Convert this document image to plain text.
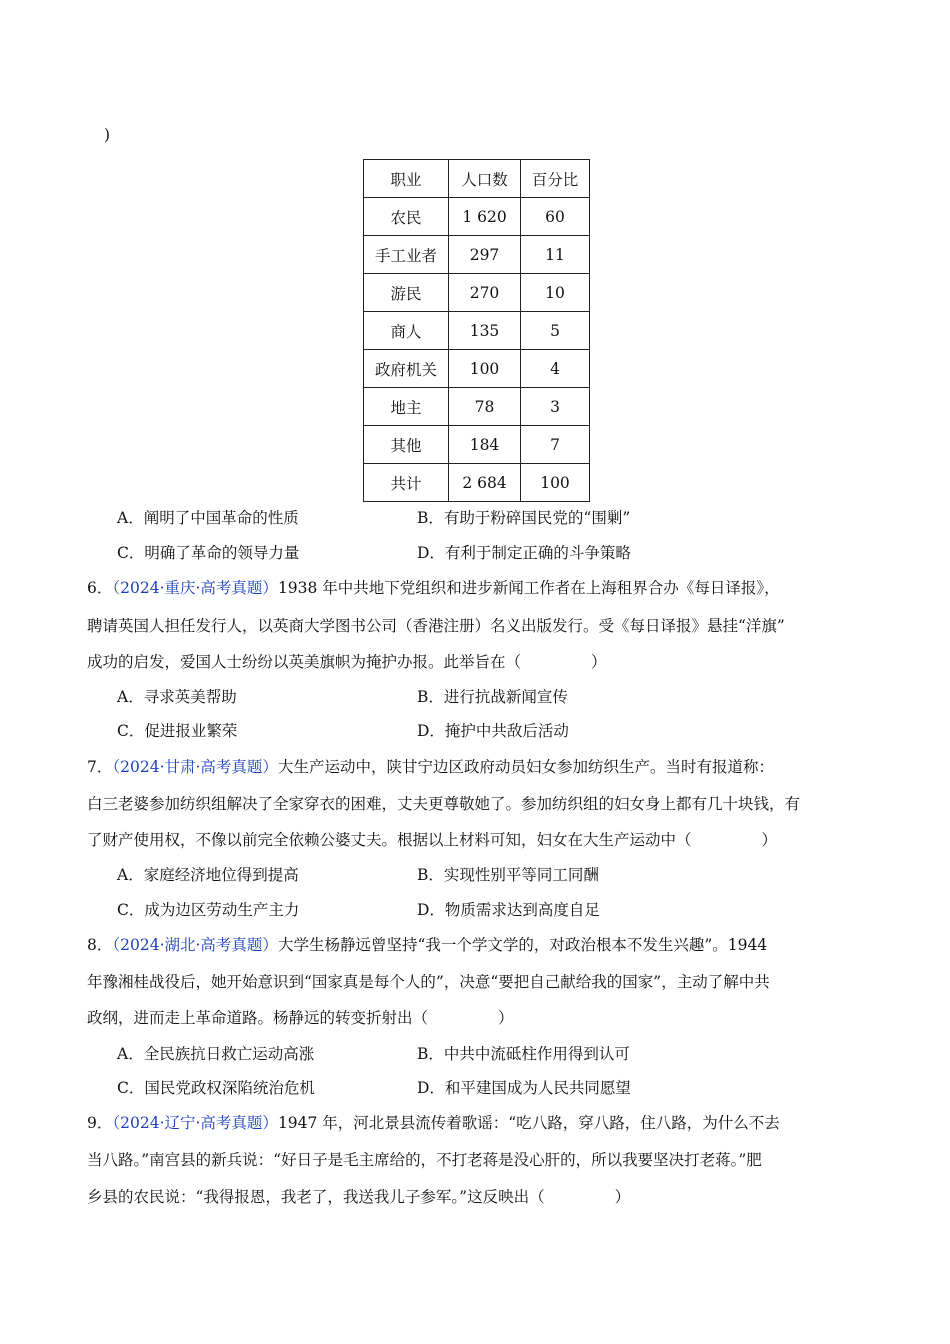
)
职业	人口数	百分比
农民	1 620	60
手工业者	297	11
游民	270	10
商人	135	5
政府机关	100	4
地主	78	3
其他	184	7
共计	2 684	100
A．阐明了中国革命的性质	B．有助于粉碎国民党的“围剿”
C．明确了革命的领导力量	D．有利于制定正确的斗争策略
6．（2024·重庆·高考真题）1938 年中共地下党组织和进步新闻工作者在上海租界合办《每日译报》，
聘请英国人担任发行人，以英商大学图书公司（香港注册）名义出版发行。受《每日译报》悬挂“洋旗”
成功的启发，爱国人士纷纷以英美旗帜为掩护办报。此举旨在（	）
A．寻求英美帮助	B．进行抗战新闻宣传
C．促进报业繁荣	D．掩护中共敌后活动
7．（2024·甘肃·高考真题）大生产运动中，陕甘宁边区政府动员妇女参加纺织生产。当时有报道称：
白三老婆参加纺织组解决了全家穿衣的困难，丈夫更尊敬她了。参加纺织组的妇女身上都有几十块钱，有
了财产使用权，不像以前完全依赖公婆丈夫。根据以上材料可知，妇女在大生产运动中（	）
A．家庭经济地位得到提高	B．实现性别平等同工同酬
C．成为边区劳动生产主力	D．物质需求达到高度自足
8．（2024·湖北·高考真题）大学生杨静远曾坚持“我一个学文学的，对政治根本不发生兴趣”。1944
年豫湘桂战役后，她开始意识到“国家真是每个人的”，决意“要把自己献给我的国家”，主动了解中共
政纲，进而走上革命道路。杨静远的转变折射出（	）
A．全民族抗日救亡运动高涨	B．中共中流砥柱作用得到认可
C．国民党政权深陷统治危机	D．和平建国成为人民共同愿望
9．（2024·辽宁·高考真题）1947 年，河北景县流传着歌谣：“吃八路，穿八路，住八路，为什么不去
当八路。”南宫县的新兵说：“好日子是毛主席给的，不打老蒋是没心肝的，所以我要坚决打老蒋。”肥
乡县的农民说：“我得报恩，我老了，我送我儿子参军。”这反映出（	）
